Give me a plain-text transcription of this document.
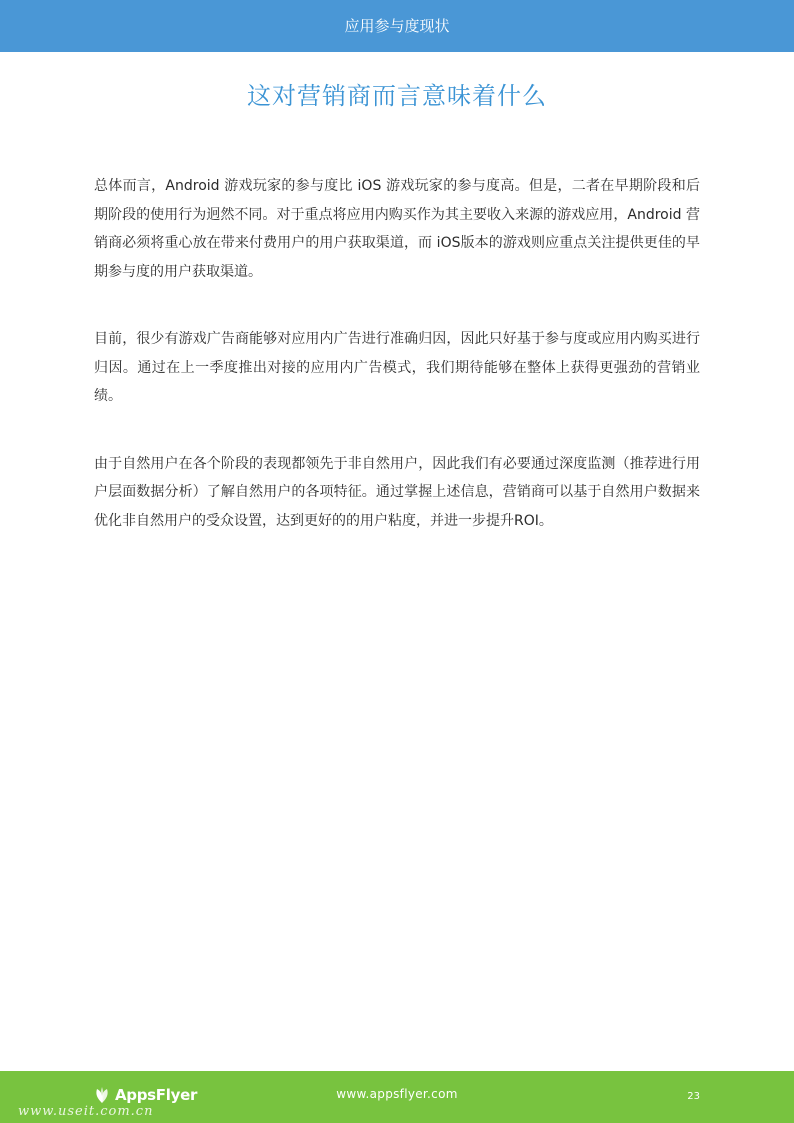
应用参与度现状
这对营销商而言意味着什么

总体而言，Android 游戏玩家的参与度比 iOS 游戏玩家的参与度高。但是，二者在早期阶段和后期阶段的使用行为迥然不同。对于重点将应用内购买作为其主要收入来源的游戏应用，Android 营销商必须将重心放在带来付费用户的用户获取渠道，而 iOS版本的游戏则应重点关注提供更佳的早期参与度的用户获取渠道。

目前，很少有游戏广告商能够对应用内广告进行准确归因，因此只好基于参与度或应用内购买进行归因。通过在上一季度推出对接的应用内广告模式，我们期待能够在整体上获得更强劲的营销业绩。

由于自然用户在各个阶段的表现都领先于非自然用户，因此我们有必要通过深度监测（推荐进行用户层面数据分析）了解自然用户的各项特征。通过掌握上述信息，营销商可以基于自然用户数据来优化非自然用户的受众设置，达到更好的的用户粘度，并进一步提升ROI。

AppsFlyer	www.appsflyer.com	23
www.useit.com.cn
